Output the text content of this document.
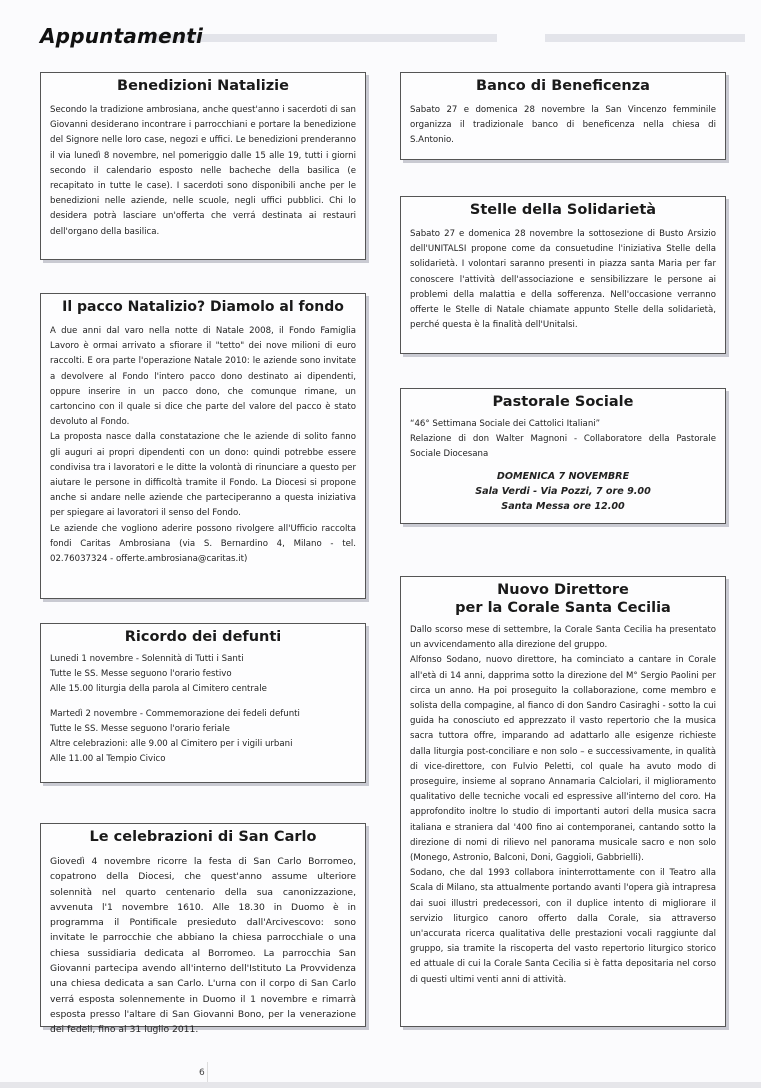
Appuntamenti
Benedizioni Natalizie

Secondo la tradizione ambrosiana, anche quest'anno i sacerdoti di san Giovanni desiderano incontrare i parrocchiani e portare la benedizione del Signore nelle loro case, negozi e uffici. Le benedizioni prenderanno il via lunedì 8 novembre, nel pomeriggio dalle 15 alle 19, tutti i giorni secondo il calendario esposto nelle bacheche della basilica (e recapitato in tutte le case). I sacerdoti sono disponibili anche per le benedizioni nelle aziende, nelle scuole, negli uffici pubblici. Chi lo desidera potrà lasciare un'offerta che verrá destinata ai restauri dell'organo della basilica.

Il pacco Natalizio? Diamolo al fondo

A due anni dal varo nella notte di Natale 2008, il Fondo Famiglia Lavoro è ormai arrivato a sfiorare il "tetto" dei nove milioni di euro raccolti. E ora parte l'operazione Natale 2010: le aziende sono invitate a devolvere al Fondo l'intero pacco dono destinato ai dipendenti, oppure inserire in un pacco dono, che comunque rimane, un cartoncino con il quale si dice che parte del valore del pacco è stato devoluto al Fondo.

La proposta nasce dalla constatazione che le aziende di solito fanno gli auguri ai propri dipendenti con un dono: quindi potrebbe essere condivisa tra i lavoratori e le ditte la volontà di rinunciare a questo per aiutare le persone in difficoltà tramite il Fondo. La Diocesi si propone anche si andare nelle aziende che parteciperanno a questa iniziativa per spiegare ai lavoratori il senso del Fondo.

Le aziende che vogliono aderire possono rivolgere all'Ufficio raccolta fondi Caritas Ambrosiana (via S. Bernardino 4, Milano - tel. 02.76037324 - offerte.ambrosiana@caritas.it)

Ricordo dei defunti
Lunedi 1 novembre - Solennità di Tutti i Santi
Tutte le SS. Messe seguono l'orario festivo
Alle 15.00 liturgia della parola al Cimitero centrale
Martedì 2 novembre - Commemorazione dei fedeli defunti
Tutte le SS. Messe seguono l'orario feriale
Altre celebrazioni: alle 9.00 al Cimitero per i vigili urbani
Alle 11.00 al Tempio Civico
Le celebrazioni di San Carlo

Giovedì 4 novembre ricorre la festa di San Carlo Borromeo, copatrono della Diocesi, che quest'anno assume ulteriore solennità nel quarto centenario della sua canonizzazione, avvenuta l'1 novembre 1610. Alle 18.30 in Duomo è in programma il Pontificale presieduto dall'Arcivescovo: sono invitate le parrocchie che abbiano la chiesa parrocchiale o una chiesa sussidiaria dedicata al Borromeo. La parrocchia San Giovanni partecipa avendo all'interno dell'Istituto La Provvidenza una chiesa dedicata a san Carlo. L'urna con il corpo di San Carlo verrá esposta solennemente in Duomo il 1 novembre e rimarrà esposta presso l'altare di San Giovanni Bono, per la venerazione dei fedeli, fino al 31 luglio 2011.

Banco di Beneficenza

Sabato 27 e domenica 28 novembre la San Vincenzo femminile organizza il tradizionale banco di beneficenza nella chiesa di S.Antonio.

Stelle della Solidarietà

Sabato 27 e domenica 28 novembre la sottosezione di Busto Arsizio dell'UNITALSI propone come da consuetudine l'iniziativa Stelle della solidarietà. I volontari saranno presenti in piazza santa Maria per far conoscere l'attività dell'associazione e sensibilizzare le persone ai problemi della malattia e della sofferenza. Nell'occasione verranno offerte le Stelle di Natale chiamate appunto Stelle della solidarietà, perché questa è la finalità dell'Unitalsi.

Pastorale Sociale

“46° Settimana Sociale dei Cattolici Italiani”

Relazione di don Walter Magnoni - Collaboratore della Pastorale Sociale Diocesana

DOMENICA 7 NOVEMBRE
Sala Verdi - Via Pozzi, 7 ore 9.00
Santa Messa ore 12.00
Nuovo Direttore
per la Corale Santa Cecilia

Dallo scorso mese di settembre, la Corale Santa Cecilia ha presentato un avvicendamento alla direzione del gruppo.

Alfonso Sodano, nuovo direttore, ha cominciato a cantare in Corale all'età di 14 anni, dapprima sotto la direzione del M° Sergio Paolini per circa un anno. Ha poi proseguito la collaborazione, come membro e solista della compagine, al fianco di don Sandro Casiraghi - sotto la cui guida ha conosciuto ed apprezzato il vasto repertorio che la musica sacra tuttora offre, imparando ad adattarlo alle esigenze richieste dalla liturgia post-conciliare e non solo – e successivamente, in qualità di vice-direttore, con Fulvio Peletti, col quale ha avuto modo di proseguire, insieme al soprano Annamaria Calciolari, il miglioramento qualitativo delle tecniche vocali ed espressive all'interno del coro. Ha approfondito inoltre lo studio di importanti autori della musica sacra italiana e straniera dal '400 fino ai contemporanei, cantando sotto la direzione di nomi di rilievo nel panorama musicale sacro e non solo (Monego, Astronio, Balconi, Doni, Gaggioli, Gabbrielli).

Sodano, che dal 1993 collabora ininterrottamente con il Teatro alla Scala di Milano, sta attualmente portando avanti l'opera già intrapresa dai suoi illustri predecessori, con il duplice intento di migliorare il servizio liturgico canoro offerto dalla Corale, sia attraverso un'accurata ricerca qualitativa delle prestazioni vocali raggiunte dal gruppo, sia tramite la riscoperta del vasto repertorio liturgico storico ed attuale di cui la Corale Santa Cecilia si è fatta depositaria nel corso di questi ultimi venti anni di attività.

6
